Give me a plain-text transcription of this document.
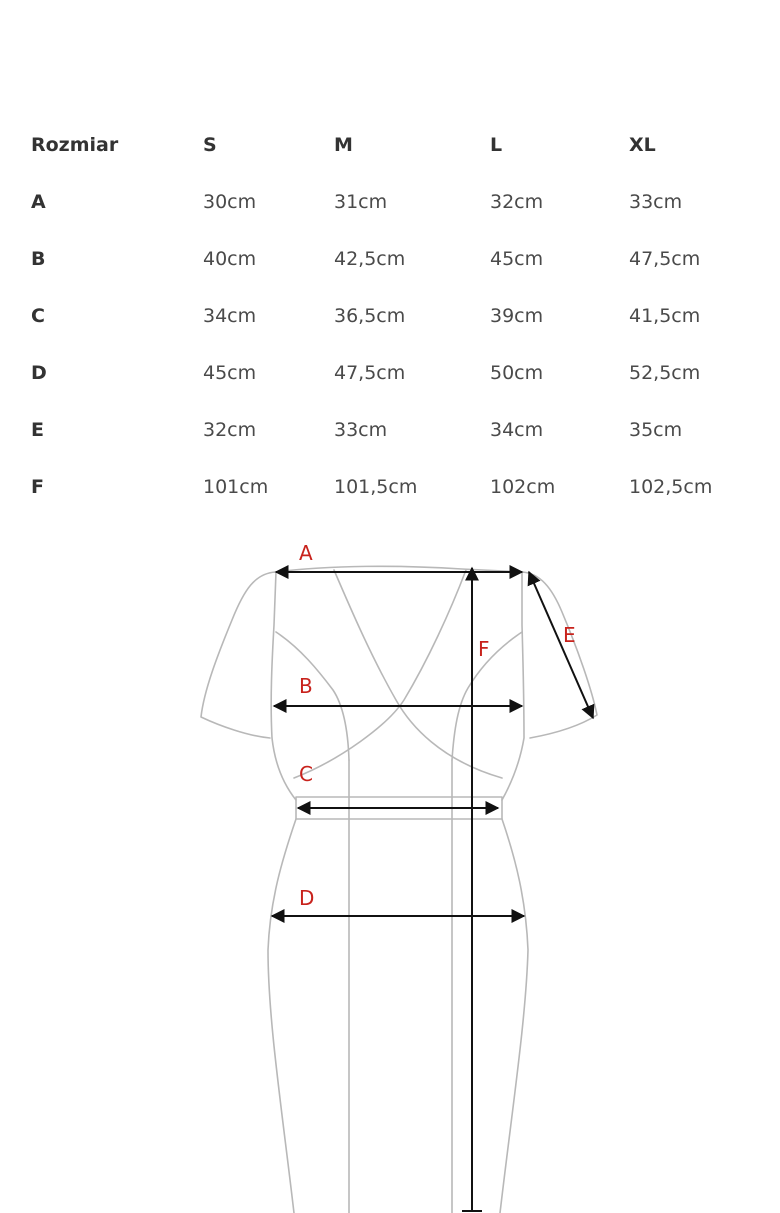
Rozmiar	S	M	L	XL
A	30cm	31cm	32cm	33cm
B	40cm	42,5cm	45cm	47,5cm
C	34cm	36,5cm	39cm	41,5cm
D	45cm	47,5cm	50cm	52,5cm
E	32cm	33cm	34cm	35cm
F	101cm	101,5cm	102cm	102,5cm
A
B
C
D
E
F
